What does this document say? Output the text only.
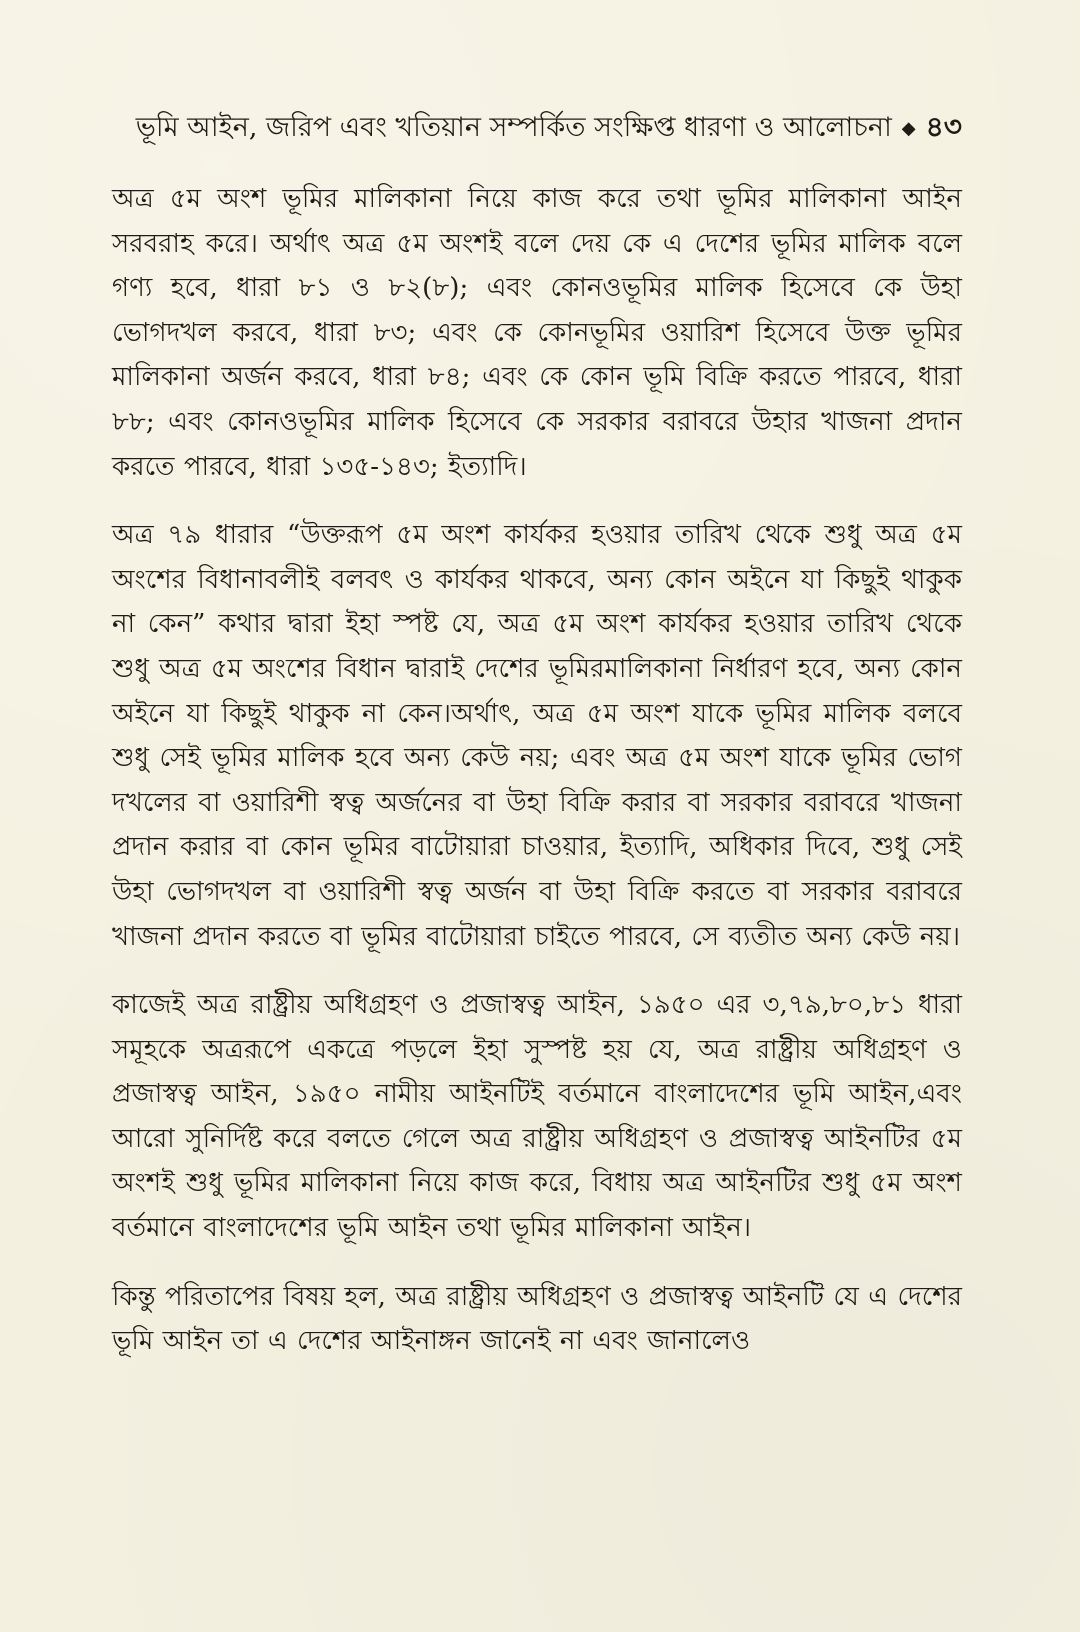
ভূমি আইন, জরিপ এবং খতিয়ান সম্পর্কিত সংক্ষিপ্ত ধারণা ও আলোচনা ◆ ৪৩

অত্র ৫ম অংশ ভূমির মালিকানা নিয়ে কাজ করে তথা ভূমির মালিকানা আইন সরবরাহ করে। অর্থাৎ অত্র ৫ম অংশই বলে দেয় কে এ দেশের ভূমির মালিক বলে গণ্য হবে, ধারা ৮১ ও ৮২(৮); এবং কোনওভূমির মালিক হিসেবে কে উহা ভোগদখল করবে, ধারা ৮৩; এবং কে কোনভূমির ওয়ারিশ হিসেবে উক্ত ভূমির মালিকানা অর্জন করবে, ধারা ৮৪; এবং কে কোন ভূমি বিক্রি করতে পারবে, ধারা ৮৮; এবং কোনওভূমির মালিক হিসেবে কে সরকার বরাবরে উহার খাজনা প্রদান করতে পারবে, ধারা ১৩৫-১৪৩; ইত্যাদি।

অত্র ৭৯ ধারার “উক্তরূপ ৫ম অংশ কার্যকর হওয়ার তারিখ থেকে শুধু অত্র ৫ম অংশের বিধানাবলীই বলবৎ ও কার্যকর থাকবে, অন্য কোন অইনে যা কিছুই থাকুক না কেন” কথার দ্বারা ইহা স্পষ্ট যে, অত্র ৫ম অংশ কার্যকর হওয়ার তারিখ থেকে শুধু অত্র ৫ম অংশের বিধান দ্বারাই দেশের ভূমিরমালিকানা নির্ধারণ হবে, অন্য কোন অইনে যা কিছুই থাকুক না কেন।অর্থাৎ, অত্র ৫ম অংশ যাকে ভূমির মালিক বলবে শুধু সেই ভূমির মালিক হবে অন্য কেউ নয়; এবং অত্র ৫ম অংশ যাকে ভূমির ভোগ দখলের বা ওয়ারিশী স্বত্ব অর্জনের বা উহা বিক্রি করার বা সরকার বরাবরে খাজনা প্রদান করার বা কোন ভূমির বাটোয়ারা চাওয়ার, ইত্যাদি, অধিকার দিবে, শুধু সেই উহা ভোগদখল বা ওয়ারিশী স্বত্ব অর্জন বা উহা বিক্রি করতে বা সরকার বরাবরে খাজনা প্রদান করতে বা ভূমির বাটোয়ারা চাইতে পারবে, সে ব্যতীত অন্য কেউ নয়।

কাজেই অত্র রাষ্ট্রীয় অধিগ্রহণ ও প্রজাস্বত্ব আইন, ১৯৫০ এর ৩,৭৯,৮০,৮১ ধারা সমূহকে অত্ররূপে একত্রে পড়লে ইহা সুস্পষ্ট হয় যে, অত্র রাষ্ট্রীয় অধিগ্রহণ ও প্রজাস্বত্ব আইন, ১৯৫০ নামীয় আইনটিই বর্তমানে বাংলাদেশের ভূমি আইন,এবং আরো সুনির্দিষ্ট করে বলতে গেলে অত্র রাষ্ট্রীয় অধিগ্রহণ ও প্রজাস্বত্ব আইনটির ৫ম অংশই শুধু ভূমির মালিকানা নিয়ে কাজ করে, বিধায় অত্র আইনটির শুধু ৫ম অংশ বর্তমানে বাংলাদেশের ভূমি আইন তথা ভূমির মালিকানা আইন।

কিন্তু পরিতাপের বিষয় হল, অত্র রাষ্ট্রীয় অধিগ্রহণ ও প্রজাস্বত্ব আইনটি যে এ দেশের ভূমি আইন তা এ দেশের আইনাঙ্গন জানেই না এবং জানালেও
